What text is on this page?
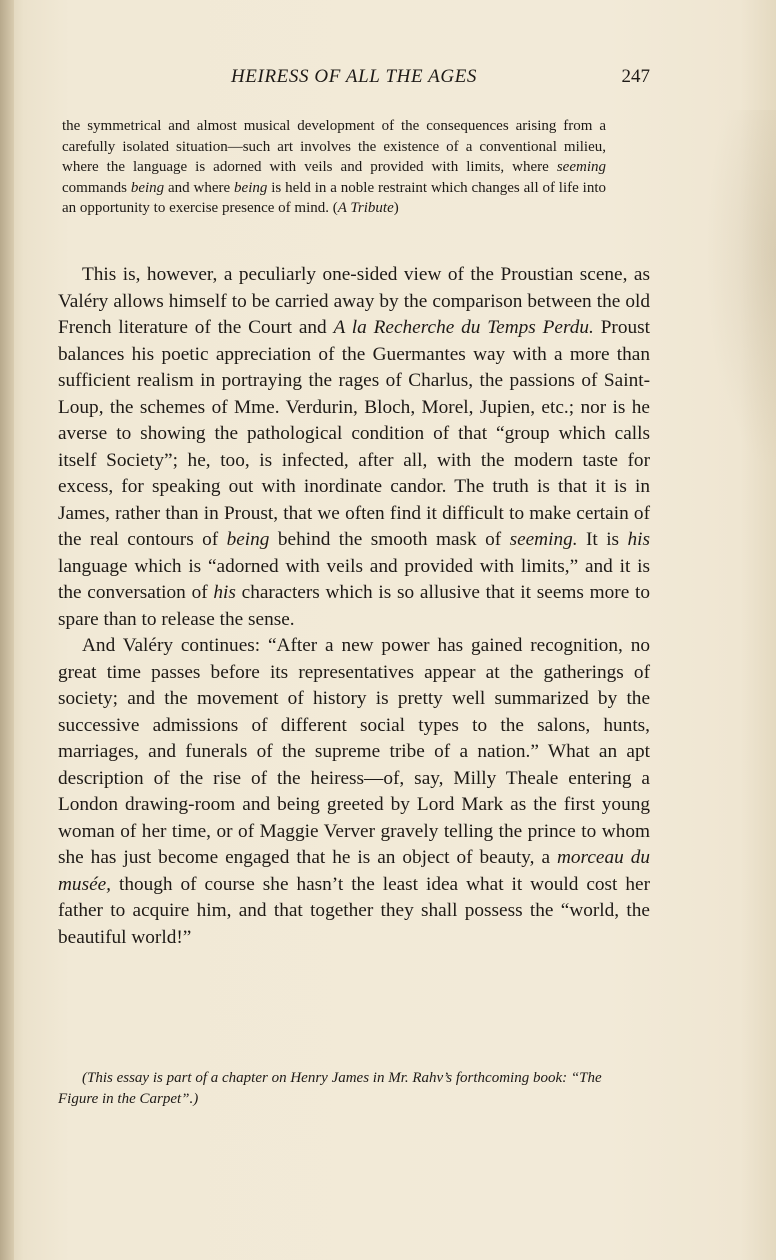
HEIRESS OF ALL THE AGES	247
the symmetrical and almost musical development of the consequences arising from a carefully isolated situation—such art involves the existence of a conventional milieu, where the language is adorned with veils and provided with limits, where seeming commands being and where being is held in a noble restraint which changes all of life into an opportunity to exercise presence of mind. (A Tribute)

This is, however, a peculiarly one-sided view of the Proustian scene, as Valéry allows himself to be carried away by the comparison between the old French literature of the Court and A la Recherche du Temps Perdu. Proust balances his poetic appreciation of the Guermantes way with a more than sufficient realism in portraying the rages of Charlus, the passions of Saint-Loup, the schemes of Mme. Verdurin, Bloch, Morel, Jupien, etc.; nor is he averse to showing the pathological condition of that “group which calls itself Society”; he, too, is infected, after all, with the modern taste for excess, for speaking out with inordinate candor. The truth is that it is in James, rather than in Proust, that we often find it difficult to make certain of the real contours of being behind the smooth mask of seeming. It is his language which is “adorned with veils and provided with limits,” and it is the conversation of his characters which is so allusive that it seems more to spare than to release the sense.

And Valéry continues: “After a new power has gained recognition, no great time passes before its representatives appear at the gatherings of society; and the movement of history is pretty well summarized by the successive admissions of different social types to the salons, hunts, marriages, and funerals of the supreme tribe of a nation.” What an apt description of the rise of the heiress—of, say, Milly Theale entering a London drawing-room and being greeted by Lord Mark as the first young woman of her time, or of Maggie Verver gravely telling the prince to whom she has just become engaged that he is an object of beauty, a morceau du musée, though of course she hasn’t the least idea what it would cost her father to acquire him, and that together they shall possess the “world, the beautiful world!”

(This essay is part of a chapter on Henry James in Mr. Rahv’s forthcoming book: “The Figure in the Carpet”.)
